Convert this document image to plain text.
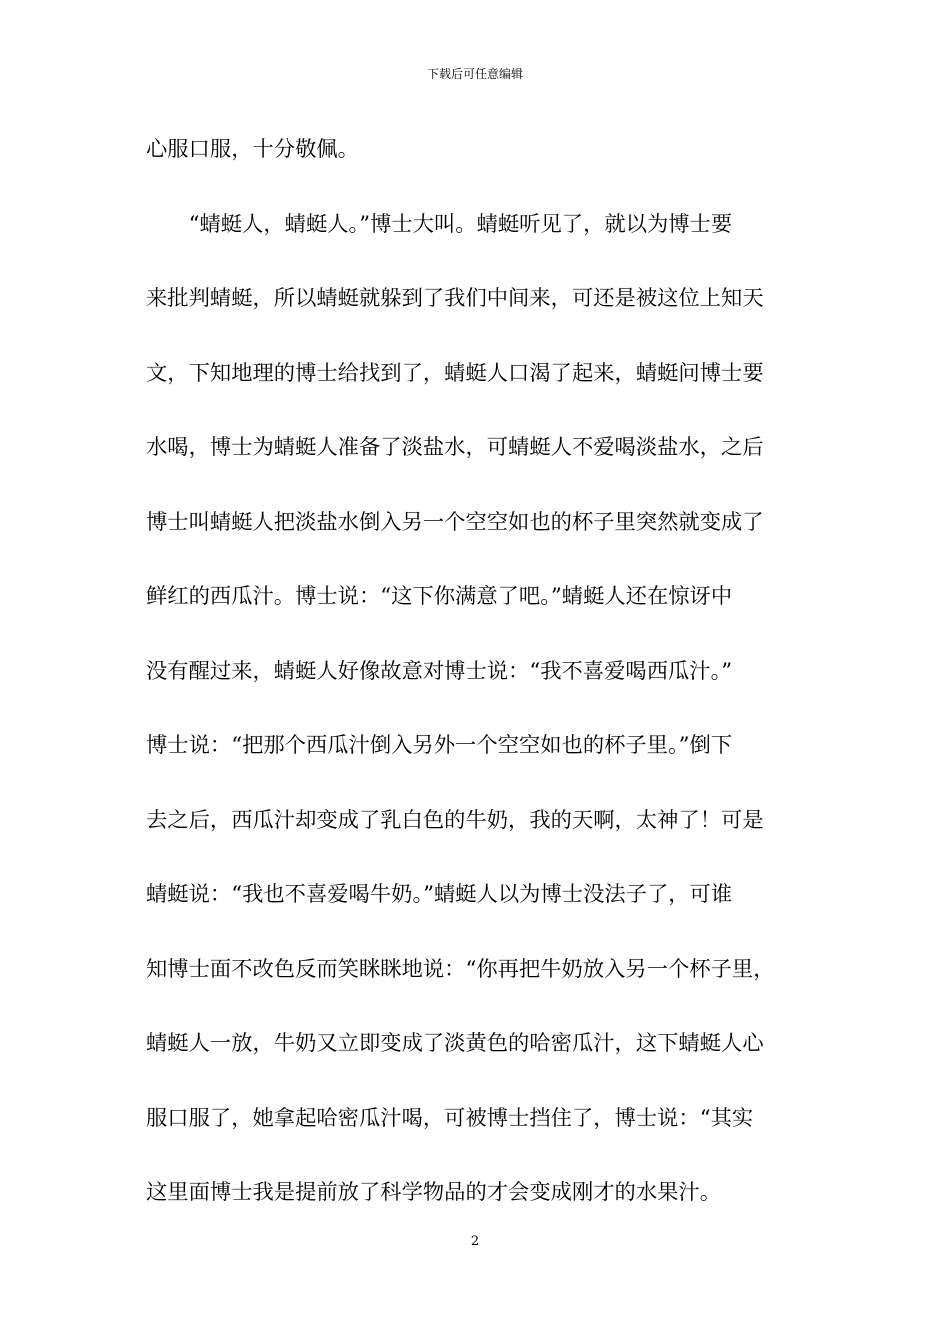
下载后可任意编辑
心服口服，十分敬佩。
　　“蜻蜓人，蜻蜓人。”博士大叫。蜻蜓听见了，就以为博士要
来批判蜻蜓，所以蜻蜓就躲到了我们中间来，可还是被这位上知天
文，下知地理的博士给找到了，蜻蜓人口渴了起来，蜻蜓问博士要
水喝，博士为蜻蜓人准备了淡盐水，可蜻蜓人不爱喝淡盐水，之后
博士叫蜻蜓人把淡盐水倒入另一个空空如也的杯子里突然就变成了
鲜红的西瓜汁。博士说：“这下你满意了吧。”蜻蜓人还在惊讶中
没有醒过来，蜻蜓人好像故意对博士说：“我不喜爱喝西瓜汁。”
博士说：“把那个西瓜汁倒入另外一个空空如也的杯子里。”倒下
去之后，西瓜汁却变成了乳白色的牛奶，我的天啊，太神了！可是
蜻蜓说：“我也不喜爱喝牛奶。”蜻蜓人以为博士没法子了，可谁
知博士面不改色反而笑眯眯地说：“你再把牛奶放入另一个杯子里，
蜻蜓人一放，牛奶又立即变成了淡黄色的哈密瓜汁，这下蜻蜓人心
服口服了，她拿起哈密瓜汁喝，可被博士挡住了，博士说：“其实
这里面博士我是提前放了科学物品的才会变成刚才的水果汁。
2
